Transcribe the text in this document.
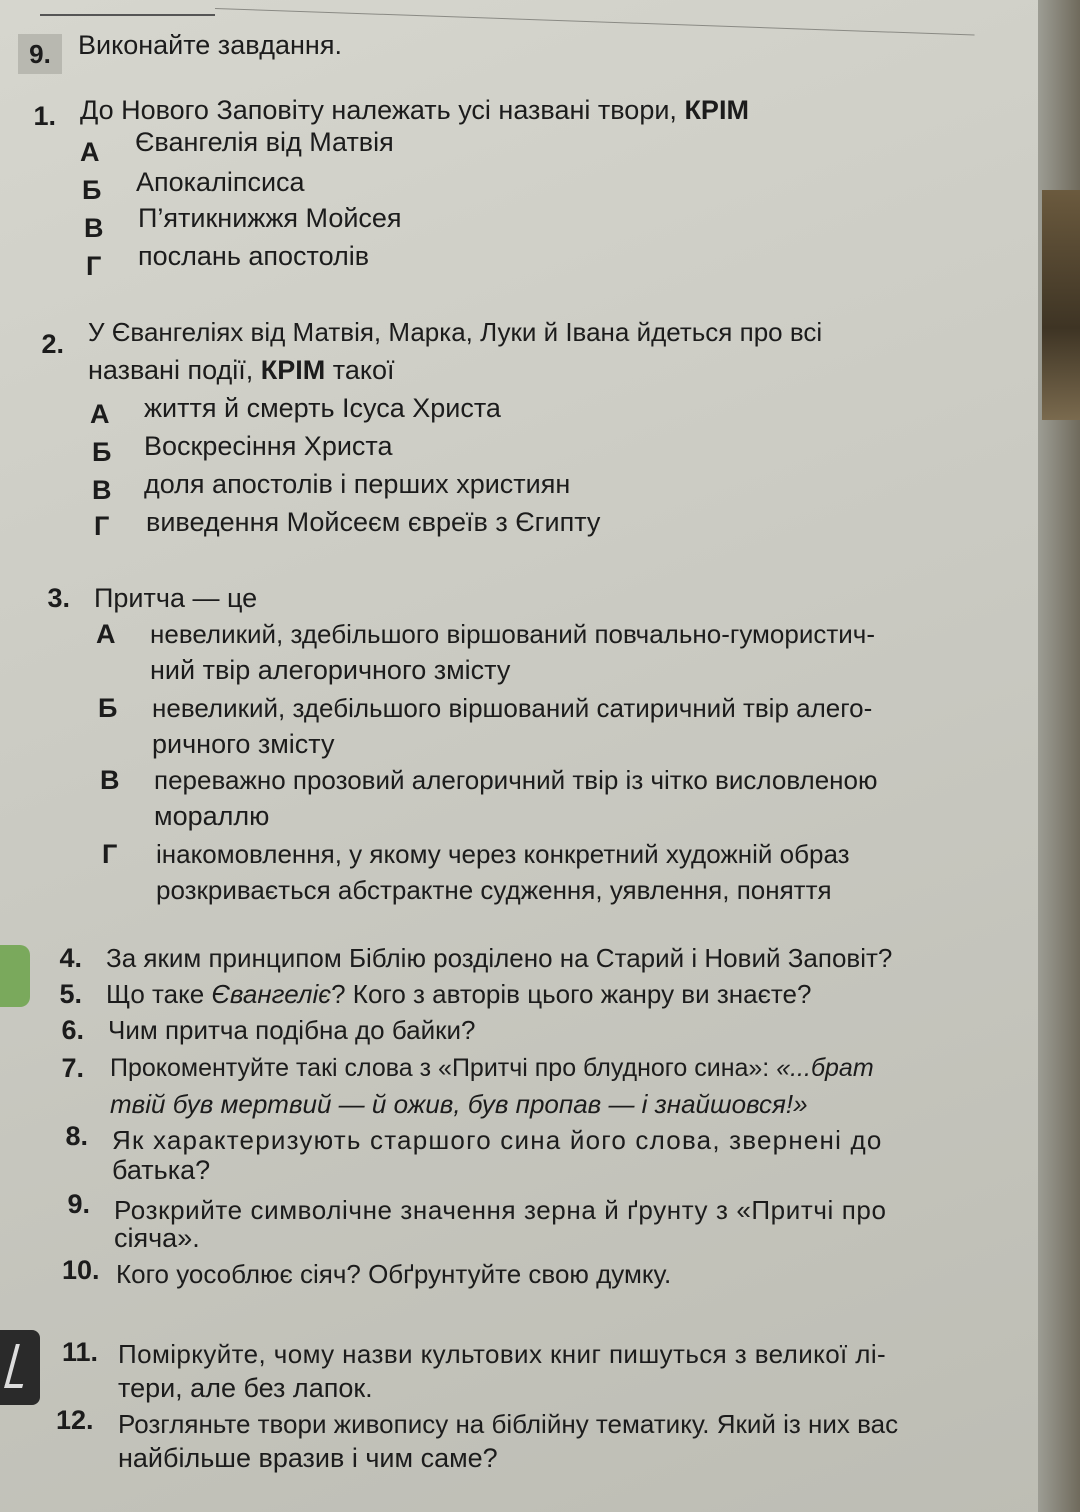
9.	Виконайте завдання.
1. До Нового Заповіту належать усі названі твори, КРІМ
А	Євангелія від Матвія
Б	Апокаліпсиса
В	П’ятикнижжя Мойсея
Г	послань апостолів
2. У Євангеліях від Матвія, Марка, Луки й Івана йдеться про всі
названі події, КРІМ такої
А	життя й смерть Ісуса Христа
Б	Воскресіння Христа
В	доля апостолів і перших християн
Г	виведення Мойсеєм євреїв з Єгипту
3. Притча — це
А	невеликий, здебільшого віршований повчально-гумористич-
ний твір алегоричного змісту
Б	невеликий, здебільшого віршований сатиричний твір алего-
ричного змісту
В	переважно прозовий алегоричний твір із чітко висловленою
мораллю
Г	інакомовлення, у якому через конкретний художній образ
розкривається абстрактне судження, уявлення, поняття
4. За яким принципом Біблію розділено на Старий і Новий Заповіт?
5. Що таке Євангеліє? Кого з авторів цього жанру ви знаєте?
6. Чим притча подібна до байки?
7. Прокоментуйте такі слова з «Притчі про блудного сина»: «...брат
твій був мертвий — й ожив, був пропав — і знайшовся!»
8. Як характеризують старшого сина його слова, звернені до
батька?
9. Розкрийте символічне значення зерна й ґрунту з «Притчі про
сіяча».
10. Кого уособлює сіяч? Обґрунтуйте свою думку.
11. Поміркуйте, чому назви культових книг пишуться з великої лі-
тери, але без лапок.
12. Розгляньте твори живопису на біблійну тематику. Який із них вас
найбільше вразив і чим саме?
